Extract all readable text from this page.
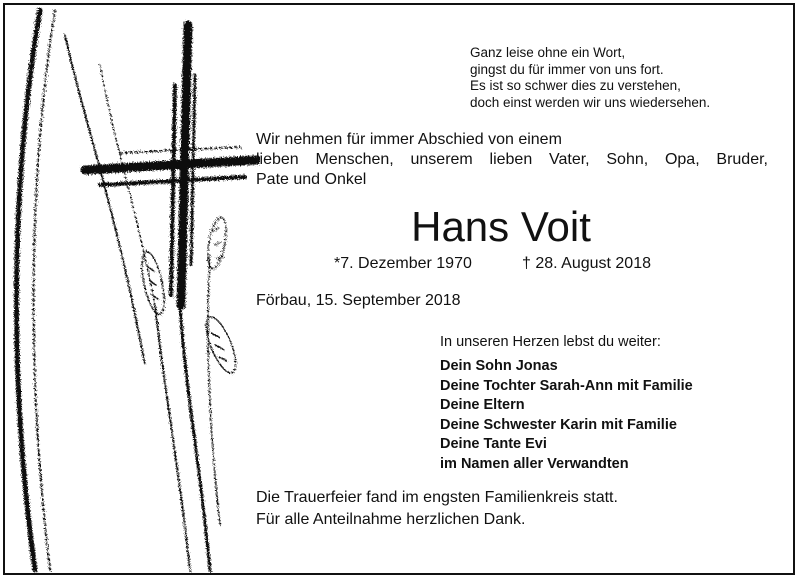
Ganz leise ohne ein Wort,
gingst du für immer von uns fort.
Es ist so schwer dies zu verstehen,
doch einst werden wir uns wiedersehen.
Wir nehmen für immer Abschied von einem
lieben Menschen, unserem lieben Vater, Sohn, Opa, Bruder,
Pate und Onkel
Hans Voit
*7. Dezember 1970	† 28. August 2018
Förbau, 15. September 2018
In unseren Herzen lebst du weiter:
Dein Sohn Jonas
Deine Tochter Sarah-Ann mit Familie
Deine Eltern
Deine Schwester Karin mit Familie
Deine Tante Evi
im Namen aller Verwandten
Die Trauerfeier fand im engsten Familienkreis statt.
Für alle Anteilnahme herzlichen Dank.
